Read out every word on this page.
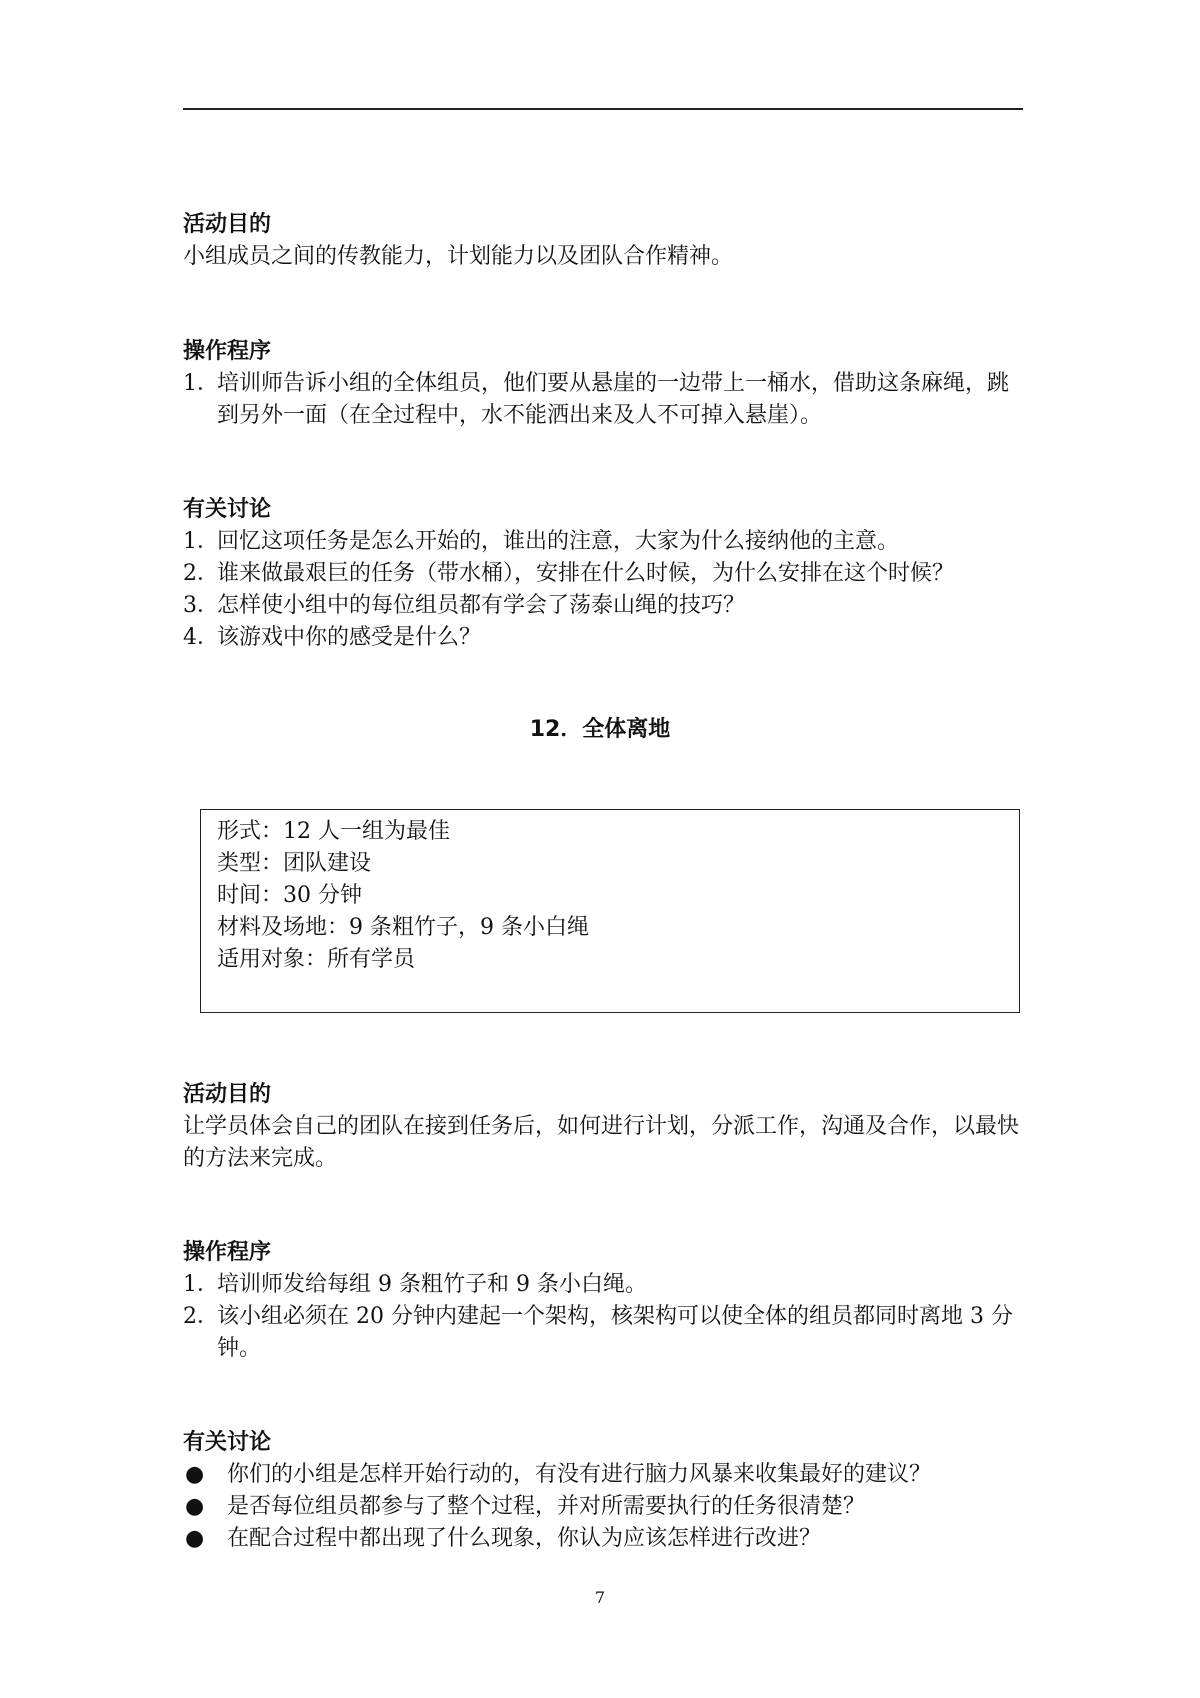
活动目的

小组成员之间的传教能力，计划能力以及团队合作精神。

操作程序

1．
培训师告诉小组的全体组员，他们要从悬崖的一边带上一桶水，借助这条麻绳，跳到另外一面（在全过程中，水不能洒出来及人不可掉入悬崖）。

有关讨论

1．
回忆这项任务是怎么开始的，谁出的注意，大家为什么接纳他的主意。
2．
谁来做最艰巨的任务（带水桶），安排在什么时候，为什么安排在这个时候？
3．
怎样使小组中的每位组员都有学会了荡泰山绳的技巧？
4．
该游戏中你的感受是什么？
12．全体离地

形式：12 人一组为最佳

类型：团队建设

时间：30 分钟

材料及场地：9 条粗竹子，9 条小白绳

适用对象：所有学员

活动目的

让学员体会自己的团队在接到任务后，如何进行计划，分派工作，沟通及合作，以最快的方法来完成。

操作程序

1．
培训师发给每组 9 条粗竹子和 9 条小白绳。
2．
该小组必须在 20 分钟内建起一个架构，核架构可以使全体的组员都同时离地 3 分钟。

有关讨论

●	你们的小组是怎样开始行动的，有没有进行脑力风暴来收集最好的建议？
●	是否每位组员都参与了整个过程，并对所需要执行的任务很清楚？
●	在配合过程中都出现了什么现象，你认为应该怎样进行改进？
7
